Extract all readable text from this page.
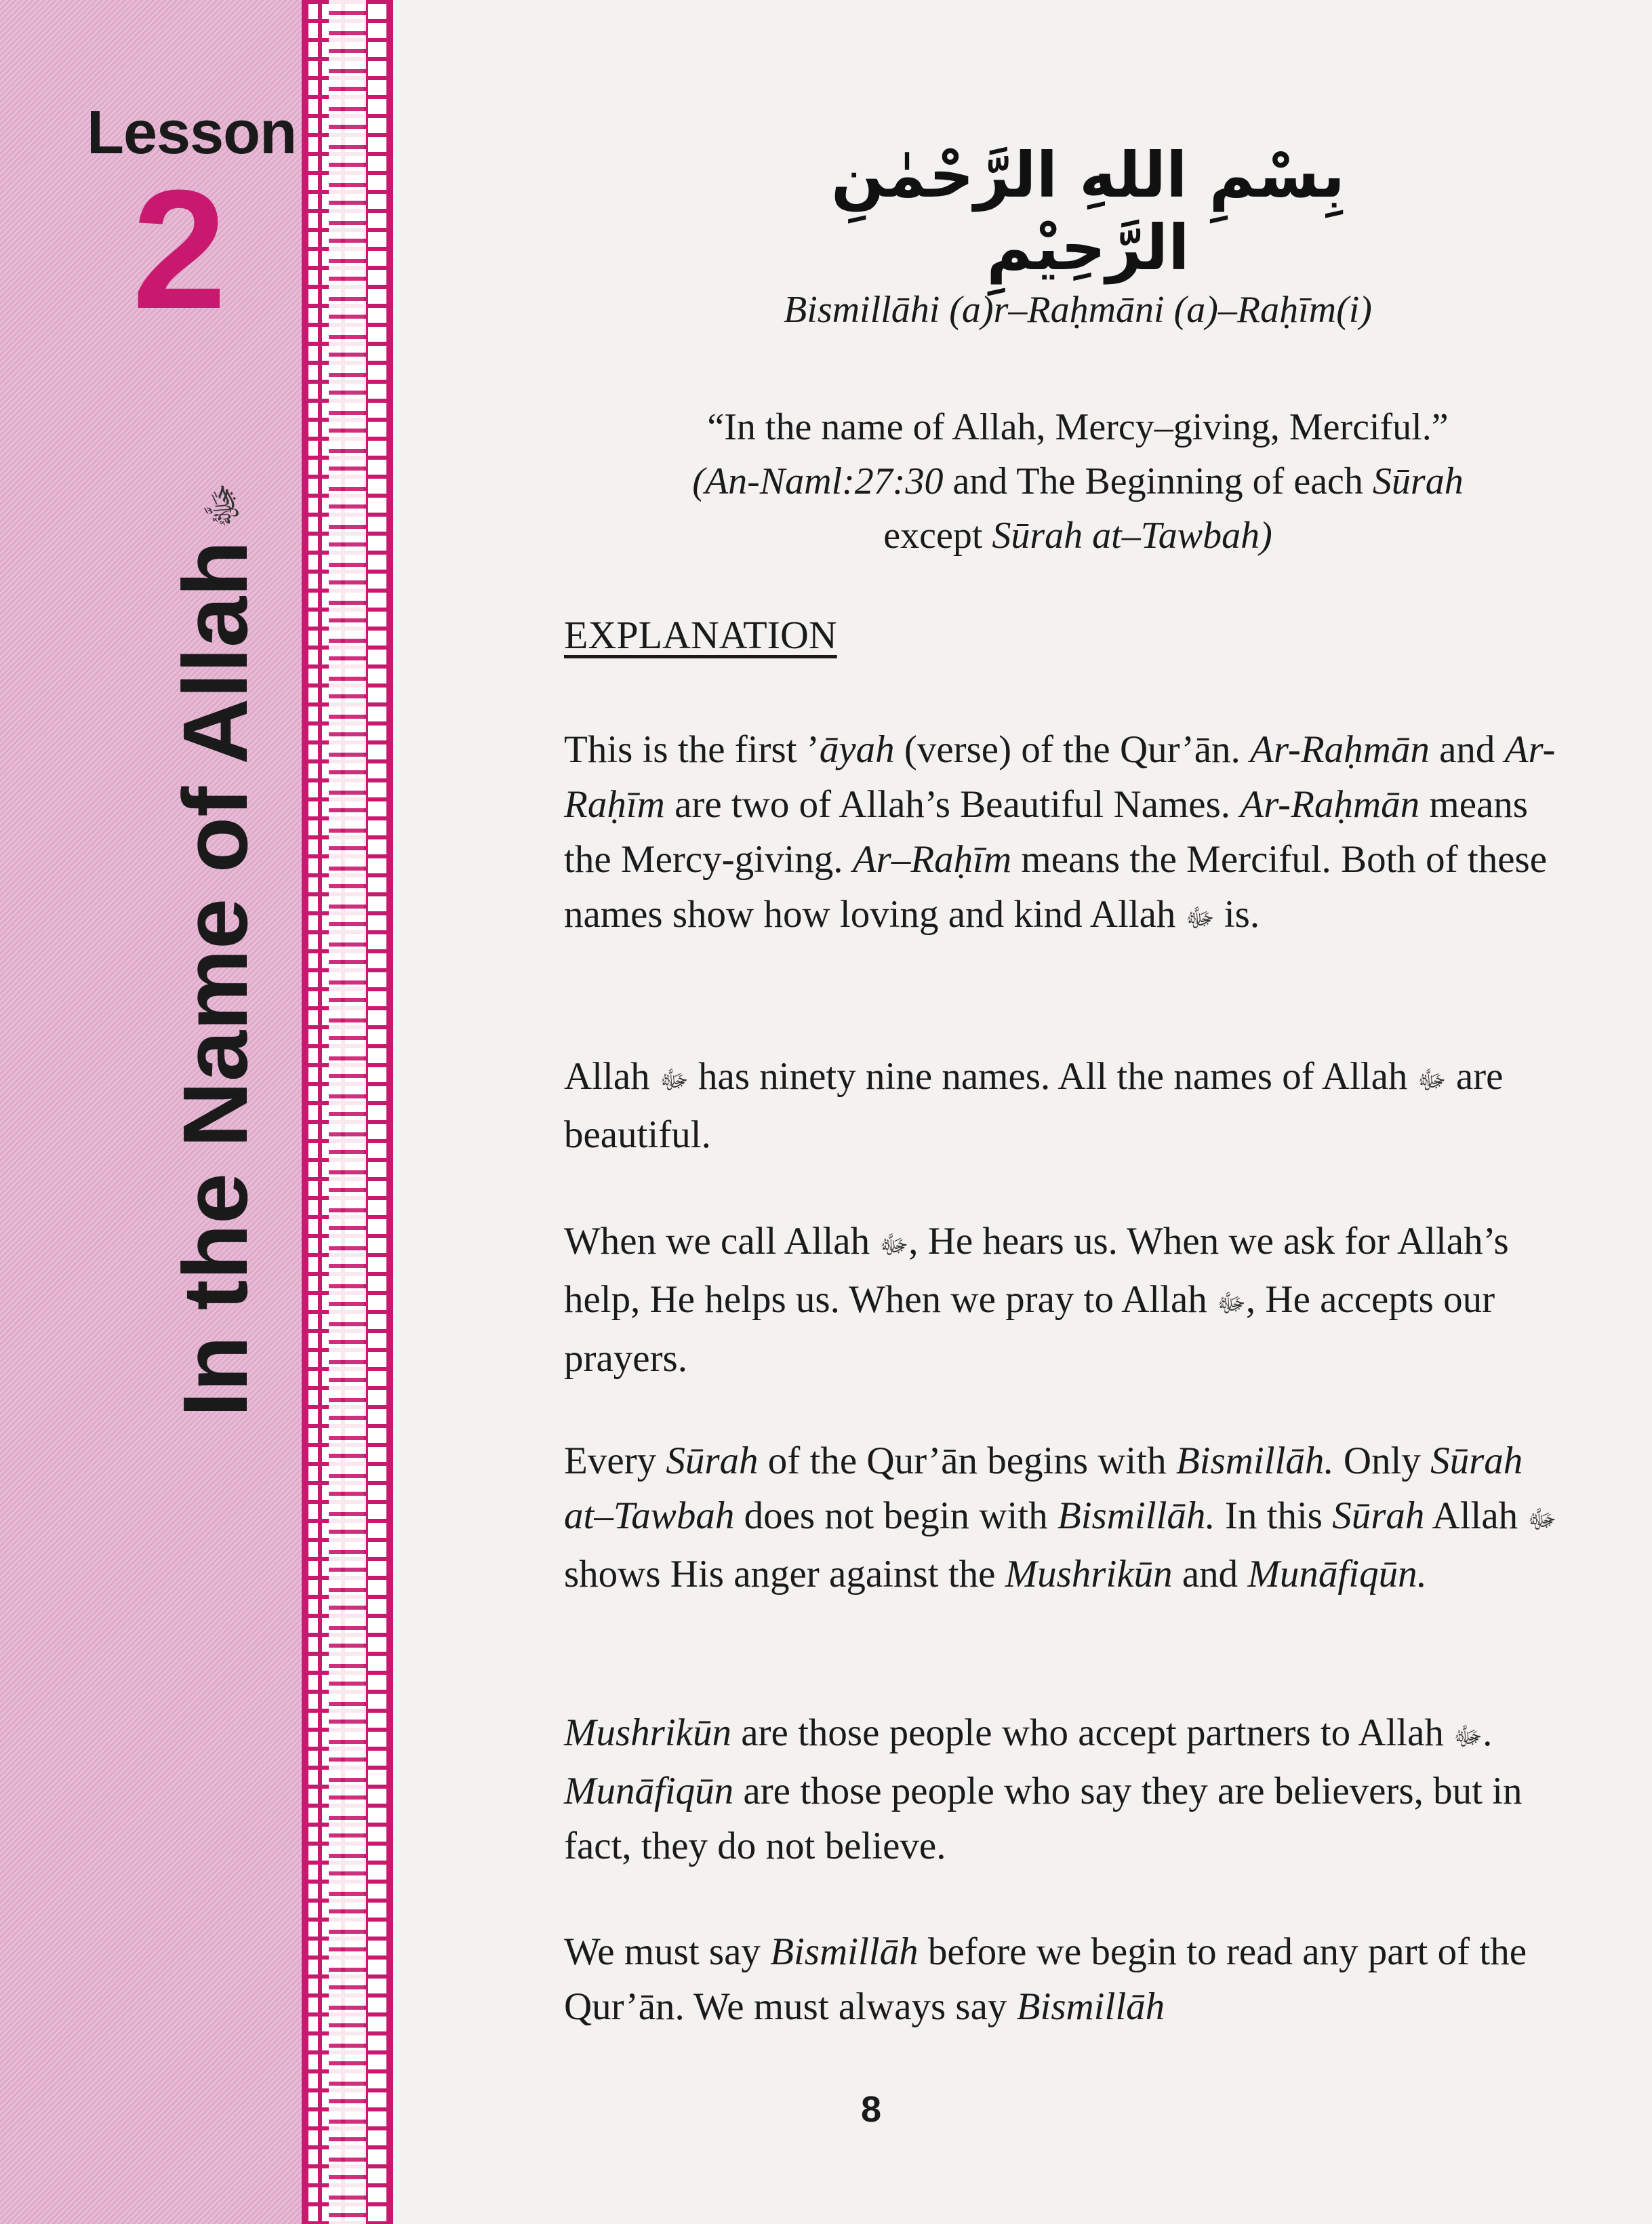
Lesson
2
In the Name of Allahﷻ
بِسْمِ اللهِ الرَّحْمٰنِ الرَّحِيْمِ
Bismillāhi (a)r–Raḥmāni (a)–Raḥīm(i)
“In the name of Allah, Mercy–giving, Merciful.”
(An-Naml:27:30 and The Beginning of each Sūrah
except Sūrah at–Tawbah)
EXPLANATION
This is the first ’āyah (verse) of the Qur’ān. Ar-Raḥmān and Ar-Raḥīm are two of Allah’s Beautiful Names. Ar-Raḥmān means the Mercy-giving. Ar–Raḥīm means the Merciful. Both of these names show how loving and kind Allah ﷻ is.
Allah ﷻ has ninety nine names. All the names of Allah ﷻ are beautiful.
When we call Allah ﷻ, He hears us. When we ask for Allah’s help, He helps us. When we pray to Allah ﷻ, He accepts our prayers.
Every Sūrah of the Qur’ān begins with Bismillāh. Only Sūrah at–Tawbah does not begin with Bismillāh. In this Sūrah Allah ﷻ shows His anger against the Mushrikūn and Munāfiqūn.
Mushrikūn are those people who accept partners to Allah ﷻ. Munāfiqūn are those people who say they are believers, but in fact, they do not believe.
We must say Bismillāh before we begin to read any part of the Qur’ān. We must always say Bismillāh
8
